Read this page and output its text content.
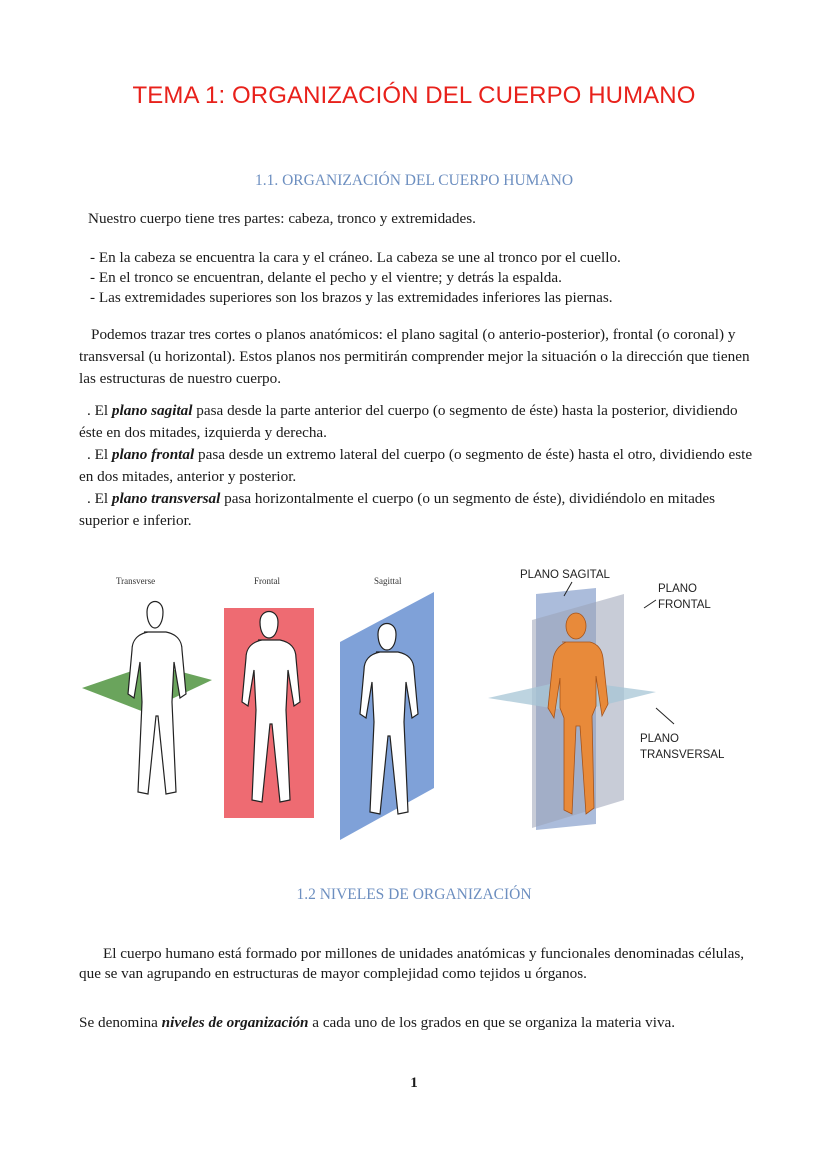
TEMA 1: ORGANIZACIÓN DEL CUERPO HUMANO
1.1. ORGANIZACIÓN DEL CUERPO HUMANO

Nuestro cuerpo tiene tres partes: cabeza, tronco y extremidades.

- En la cabeza se encuentra la cara y el cráneo. La cabeza se une al tronco por el cuello.
- En el tronco se encuentran, delante el pecho y el vientre; y detrás la espalda.
- Las extremidades superiores son los brazos y las extremidades inferiores las piernas.

Podemos trazar tres cortes o planos anatómicos: el plano sagital (o anterio-posterior), frontal (o coronal) y transversal (u horizontal). Estos planos nos permitirán comprender mejor la situación o la dirección que tienen las estructuras de nuestro cuerpo.

. El plano sagital pasa desde la parte anterior del cuerpo (o segmento de éste) hasta la posterior, dividiendo éste en dos mitades, izquierda y derecha.

. El plano frontal pasa desde un extremo lateral del cuerpo (o segmento de éste) hasta el otro, dividiendo este en dos mitades, anterior y posterior.

. El plano transversal pasa horizontalmente el cuerpo (o un segmento de éste), dividiéndolo en mitades superior e inferior.

Transverse	Frontal	Sagittal	PLANO SAGITAL
PLANO
FRONTAL
PLANO
TRANSVERSAL
1.2 NIVELES DE ORGANIZACIÓN

El cuerpo humano está formado por millones de unidades anatómicas y funcionales denominadas células, que se van agrupando en estructuras de mayor complejidad como tejidos u órganos.

Se denomina niveles de organización a cada uno de los grados en que se organiza la materia viva.

1
